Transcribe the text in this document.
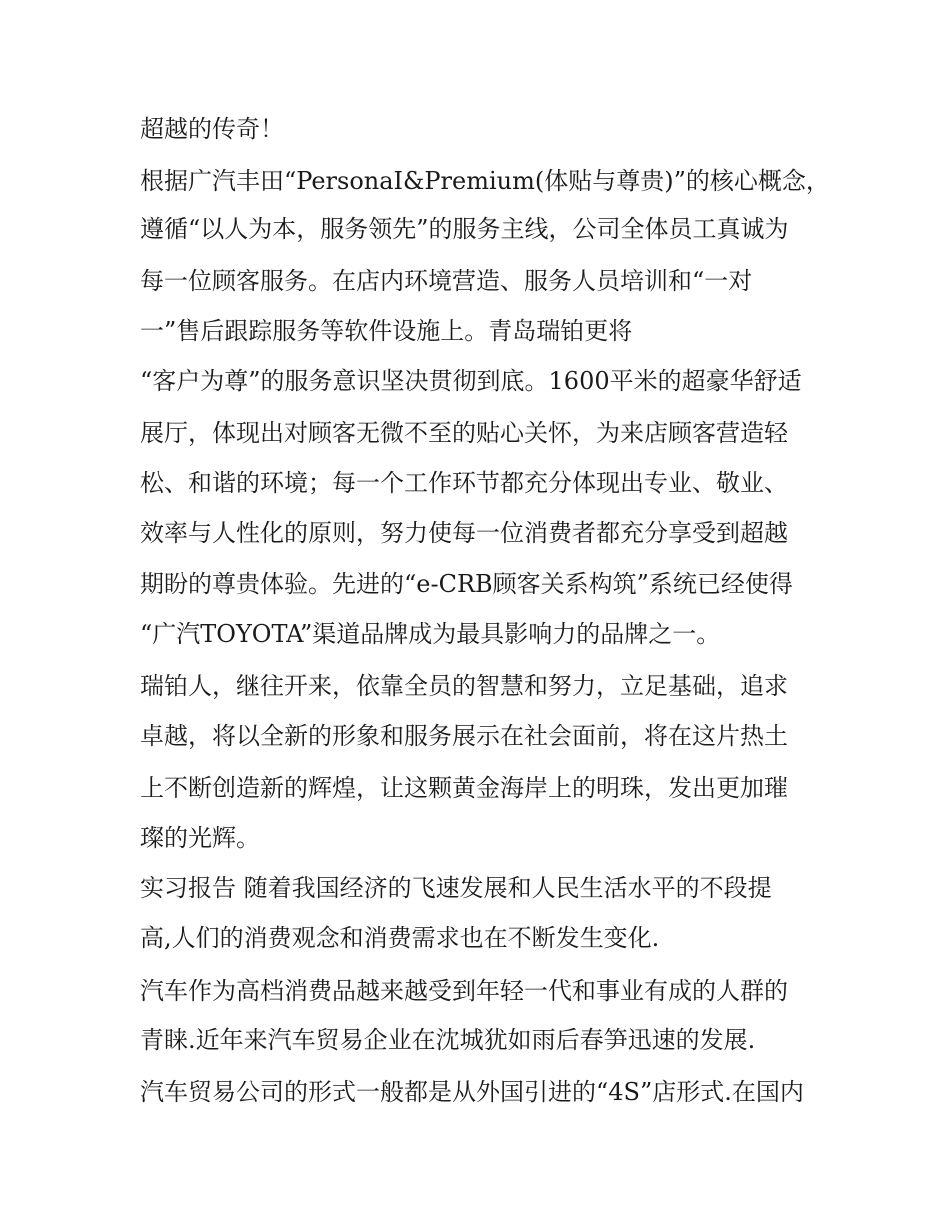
超越的传奇！
根据广汽丰田“PersonaI&Premium(体贴与尊贵)”的核心概念，
遵循“以人为本，服务领先”的服务主线，公司全体员工真诚为
每一位顾客服务。在店内环境营造、服务人员培训和“一对
一”售后跟踪服务等软件设施上。青岛瑞铂更将
“客户为尊”的服务意识坚决贯彻到底。1600平米的超豪华舒适
展厅，体现出对顾客无微不至的贴心关怀，为来店顾客营造轻
松、和谐的环境；每一个工作环节都充分体现出专业、敬业、
效率与人性化的原则，努力使每一位消费者都充分享受到超越
期盼的尊贵体验。先进的“e-CRB顾客关系构筑”系统已经使得
“广汽TOYOTA”渠道品牌成为最具影响力的品牌之一。
瑞铂人，继往开来，依靠全员的智慧和努力，立足基础，追求
卓越，将以全新的形象和服务展示在社会面前，将在这片热土
上不断创造新的辉煌，让这颗黄金海岸上的明珠，发出更加璀
璨的光辉。
实习报告 随着我国经济的飞速发展和人民生活水平的不段提
高,人们的消费观念和消费需求也在不断发生变化.
汽车作为高档消费品越来越受到年轻一代和事业有成的人群的
青睐.近年来汽车贸易企业在沈城犹如雨后春笋迅速的发展.
汽车贸易公司的形式一般都是从外国引进的“4S”店形式.在国内
